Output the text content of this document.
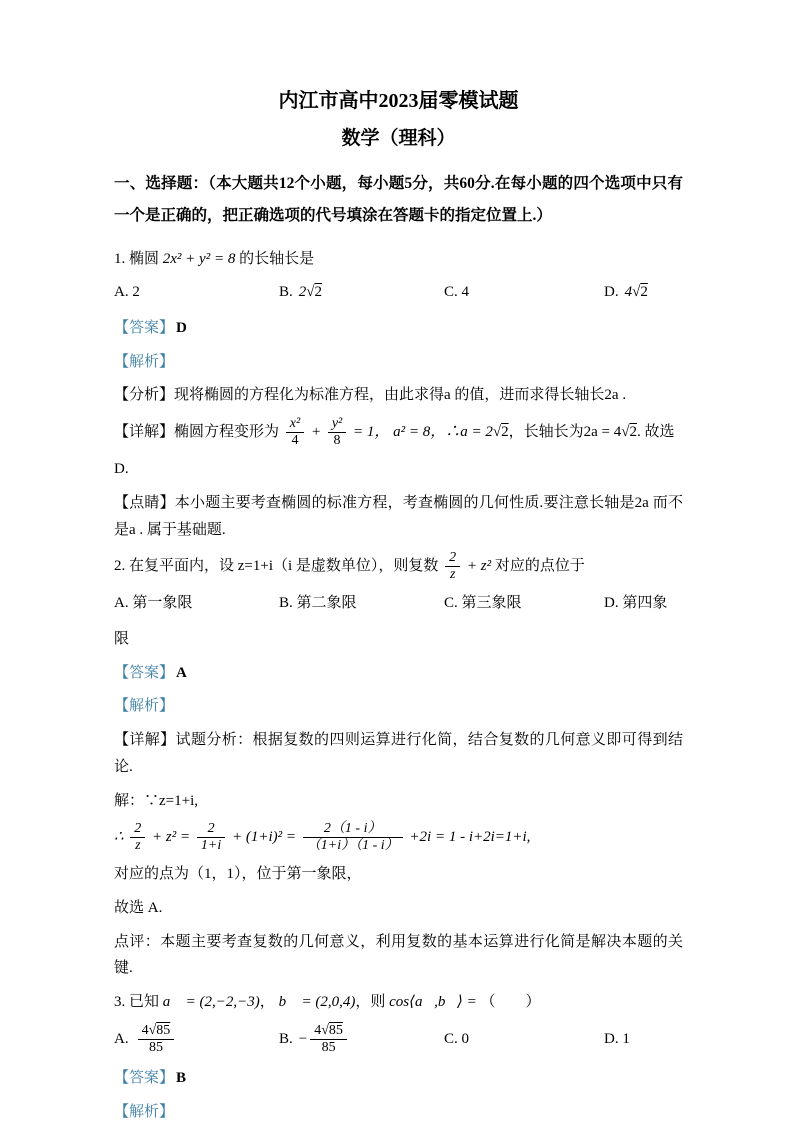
内江市高中2023届零模试题
数学（理科）

一、选择题：（本大题共12个小题，每小题5分，共60分.在每小题的四个选项中只有一个是正确的，把正确选项的代号填涂在答题卡的指定位置上.）

1. 椭圆 2x² + y² = 8 的长轴长是

A. 2	B. 2√2	C. 4	D. 4√2

【答案】 D

【解析】

【分析】现将椭圆的方程化为标准方程，由此求得a 的值，进而求得长轴长2a .

【详解】椭圆方程变形为 $\frac{\text{x²}}{4} + \frac{\text{y²}}{8} = 1$， a² = 8，∴a = 2√2，长轴长为2a = 4√2. 故选

D.

【点睛】本小题主要考查椭圆的标准方程，考查椭圆的几何性质.要注意长轴是2a 而不是a . 属于基础题.

2. 在复平面内，设 z=1+i（i 是虚数单位），则复数 $\frac{2}{z} + z^2$ 对应的点位于

A. 第一象限	B. 第二象限	C. 第三象限	D. 第四象

限

【答案】 A

【解析】

【详解】试题分析：根据复数的四则运算进行化简，结合复数的几何意义即可得到结论.

解：∵z=1+i,

∴ $\frac{2}{z} + z^2 = \frac{2}{1+i} + (1+i)^2 = \frac{2(1 - i)}{(1+i)(1 - i)} +2i = 1 - i+2i=1+i$,

对应的点为（1，1），位于第一象限，

故选 A.

点评：本题主要考查复数的几何意义，利用复数的基本运算进行化简是解决本题的关键.

3. 已知 a⃗ = (2,−2,−3)， b⃗ = (2,0,4)，则 cos⟨a⃗,b⃗⟩ = （　　）

A. $\frac{4√85}{85}$	B. − $\frac{4√85}{85}$	C. 0	D. 1

【答案】 B

【解析】
